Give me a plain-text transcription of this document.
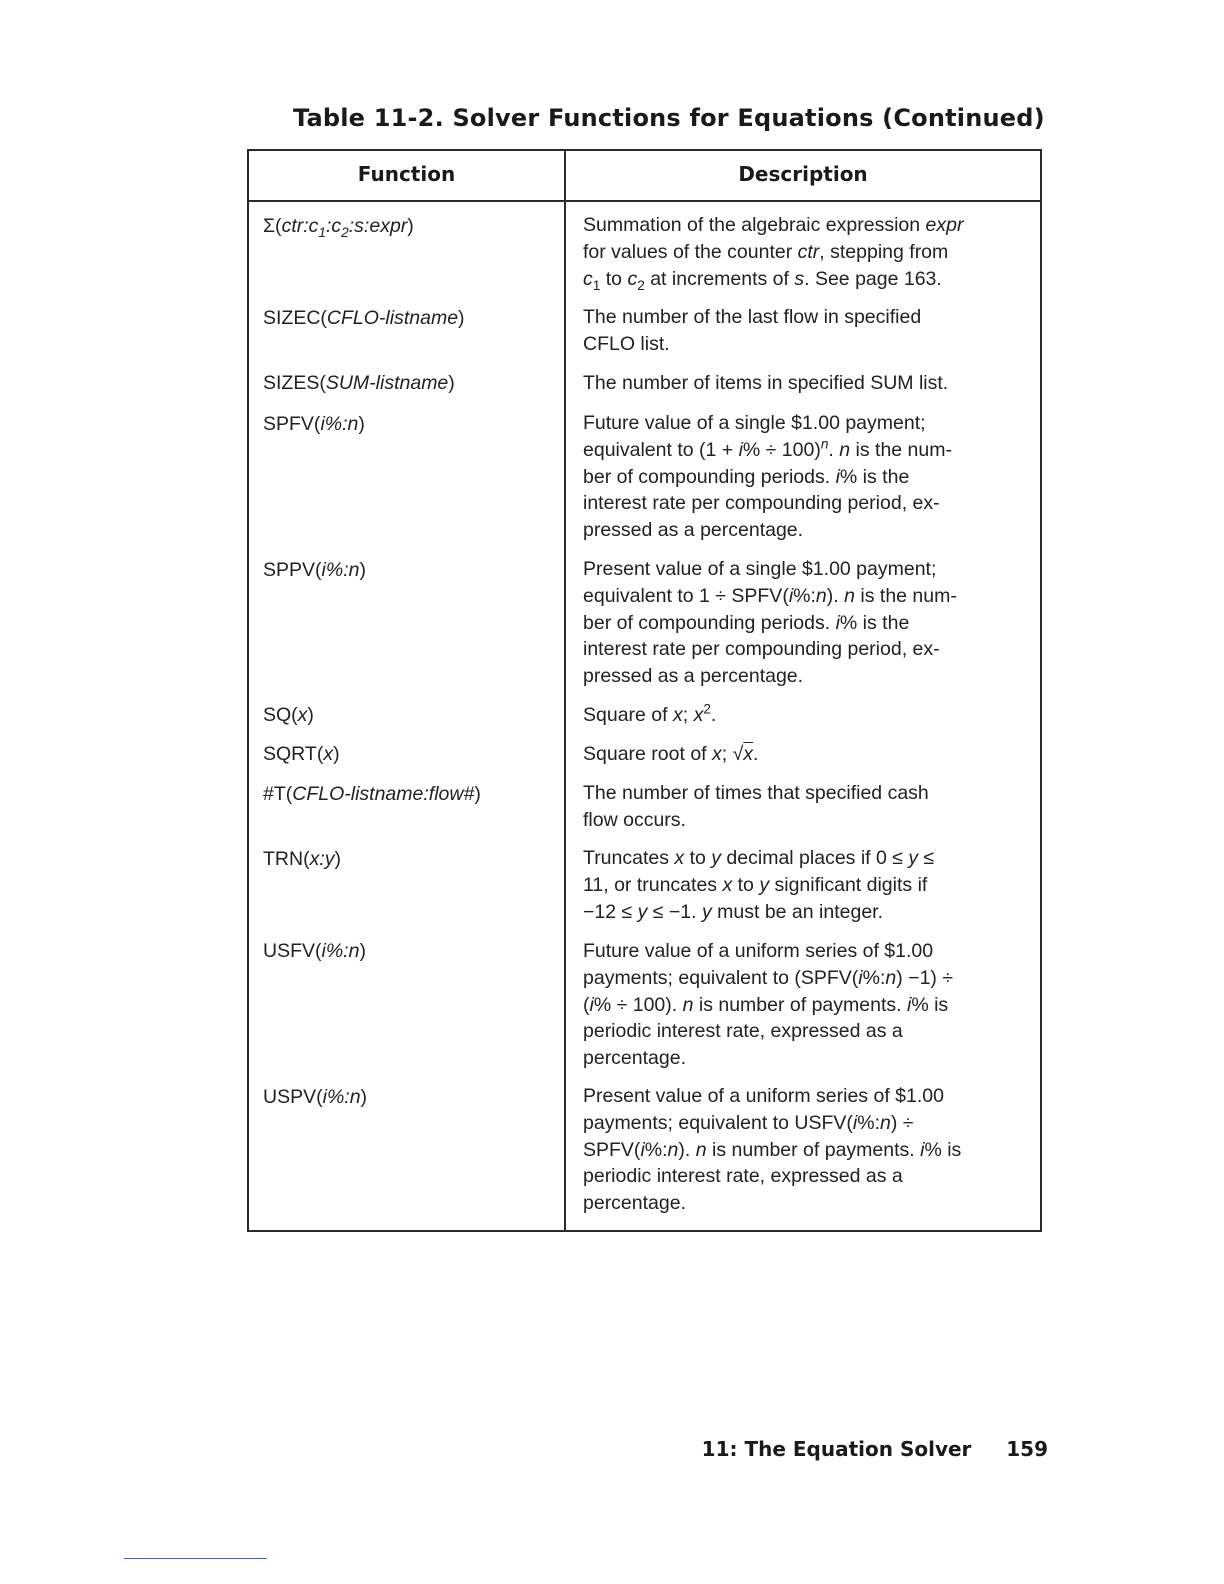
Table 11-2. Solver Functions for Equations (Continued)
Function	Description
$\Sigma(ctr:c_1:c_2:s:\exp r)$	Summation of the algebraic expression expr
for values of the counter ctr, stepping from
$c_1$ to $c_2$ at increments of s. See page 163.
SIZEC(CFLO-listname)	The number of the last flow in specified
CFLO list.
SIZES(SUM-listname)	The number of items in specified SUM list.
SPFV(i%:n)	Future value of a single $1.00 payment;
equivalent to $(1 + i\% \div 100)^n$. n is the num-
ber of compounding periods. i% is the
interest rate per compounding period, ex-
pressed as a percentage.
SPPV(i%:n)	Present value of a single $1.00 payment;
equivalent to 1 ÷ SPFV(i%:n). n is the num-
ber of compounding periods. i% is the
interest rate per compounding period, ex-
pressed as a percentage.
SQ(x)	Square of x; $x^2$.
SQRT(x)	Square root of x; √x.
#T(CFLO-listname:flow#)	The number of times that specified cash
flow occurs.
TRN(x:y)	Truncates x to y decimal places if 0 ≤ y ≤
11, or truncates x to y significant digits if
−12 ≤ y ≤ −1. y must be an integer.
USFV(i%:n)	Future value of a uniform series of $1.00
payments; equivalent to (SPFV(i%:n) −1) ÷
(i% ÷ 100). n is number of payments. i% is
periodic interest rate, expressed as a
percentage.
USPV(i%:n)	Present value of a uniform series of $1.00
payments; equivalent to USFV(i%:n) ÷
SPFV(i%:n). n is number of payments. i% is
periodic interest rate, expressed as a
percentage.
11: The Equation Solver 159
